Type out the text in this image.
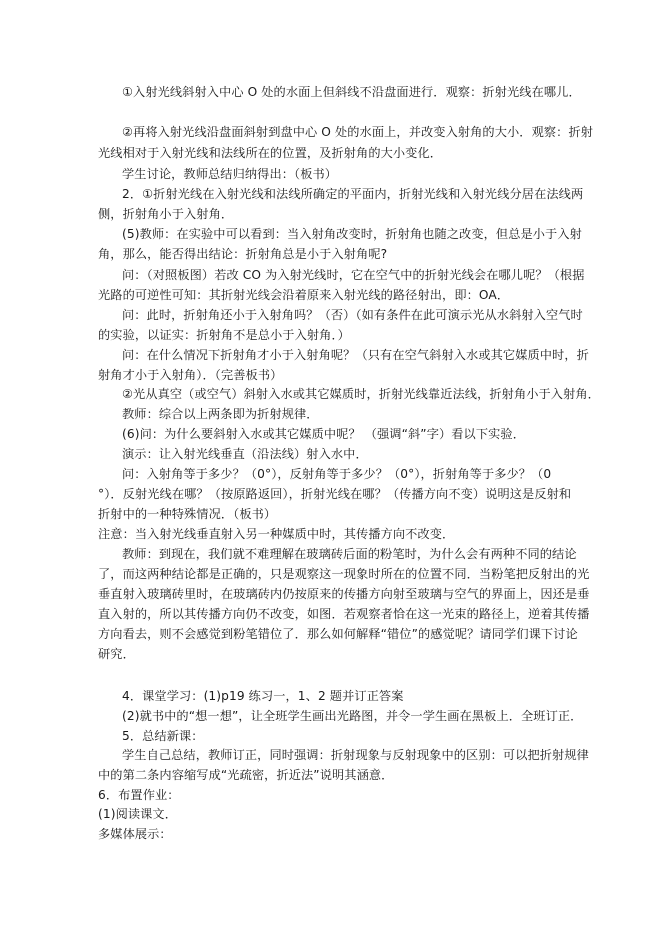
①入射光线斜射入中心 O 处的水面上但斜线不沿盘面进行．观察：折射光线在哪儿．
②再将入射光线沿盘面斜射到盘中心 O 处的水面上，并改变入射角的大小．观察：折射
光线相对于入射光线和法线所在的位置，及折射角的大小变化．
学生讨论，教师总结归纳得出：（板书）
2．①折射光线在入射光线和法线所确定的平面内，折射光线和入射光线分居在法线两
侧，折射角小于入射角．
(5)教师：在实验中可以看到：当入射角改变时，折射角也随之改变，但总是小于入射
角，那么，能否得出结论：折射角总是小于入射角呢?
问：（对照板图）若改 CO 为入射光线时，它在空气中的折射光线会在哪儿呢？（根据
光路的可逆性可知：其折射光线会沿着原来入射光线的路径射出，即：OA．
问：此时，折射角还小于入射角吗？（否）（如有条件在此可演示光从水斜射入空气时
的实验，以证实：折射角不是总小于入射角．）
问：在什么情况下折射角才小于入射角呢？（只有在空气斜射入水或其它媒质中时，折
射角才小于入射角）．（完善板书）
②光从真空（或空气）斜射入水或其它媒质时，折射光线靠近法线，折射角小于入射角．
教师：综合以上两条即为折射规律．
(6)问：为什么要斜射入水或其它媒质中呢？ （强调“斜”字）看以下实验．
演示：让入射光线垂直（沿法线）射入水中．
问：入射角等于多少？（0°），反射角等于多少？（0°），折射角等于多少？（0
°）．反射光线在哪？（按原路返回），折射光线在哪？（传播方向不变）说明这是反射和
折射中的一种特殊情况．（板书）
注意：当入射光线垂直射入另一种媒质中时，其传播方向不改变．
教师：到现在，我们就不难理解在玻璃砖后面的粉笔时，为什么会有两种不同的结论
了，而这两种结论都是正确的，只是观察这一现象时所在的位置不同．当粉笔把反射出的光
垂直射入玻璃砖里时，在玻璃砖内仍按原来的传播方向射至玻璃与空气的界面上，因还是垂
直入射的，所以其传播方向仍不改变，如图．若观察者恰在这一光束的路径上，逆着其传播
方向看去，则不会感觉到粉笔错位了．那么如何解释“错位”的感觉呢？请同学们课下讨论
研究．
4．课堂学习：(1)p19 练习一，1、2 题并订正答案
(2)就书中的“想一想”，让全班学生画出光路图，并令一学生画在黑板上．全班订正．
5．总结新课：
学生自己总结，教师订正，同时强调：折射现象与反射现象中的区别：可以把折射规律
中的第二条内容缩写成“光疏密，折近法”说明其涵意．
6．布置作业：
(1)阅读课文．
多媒体展示：
